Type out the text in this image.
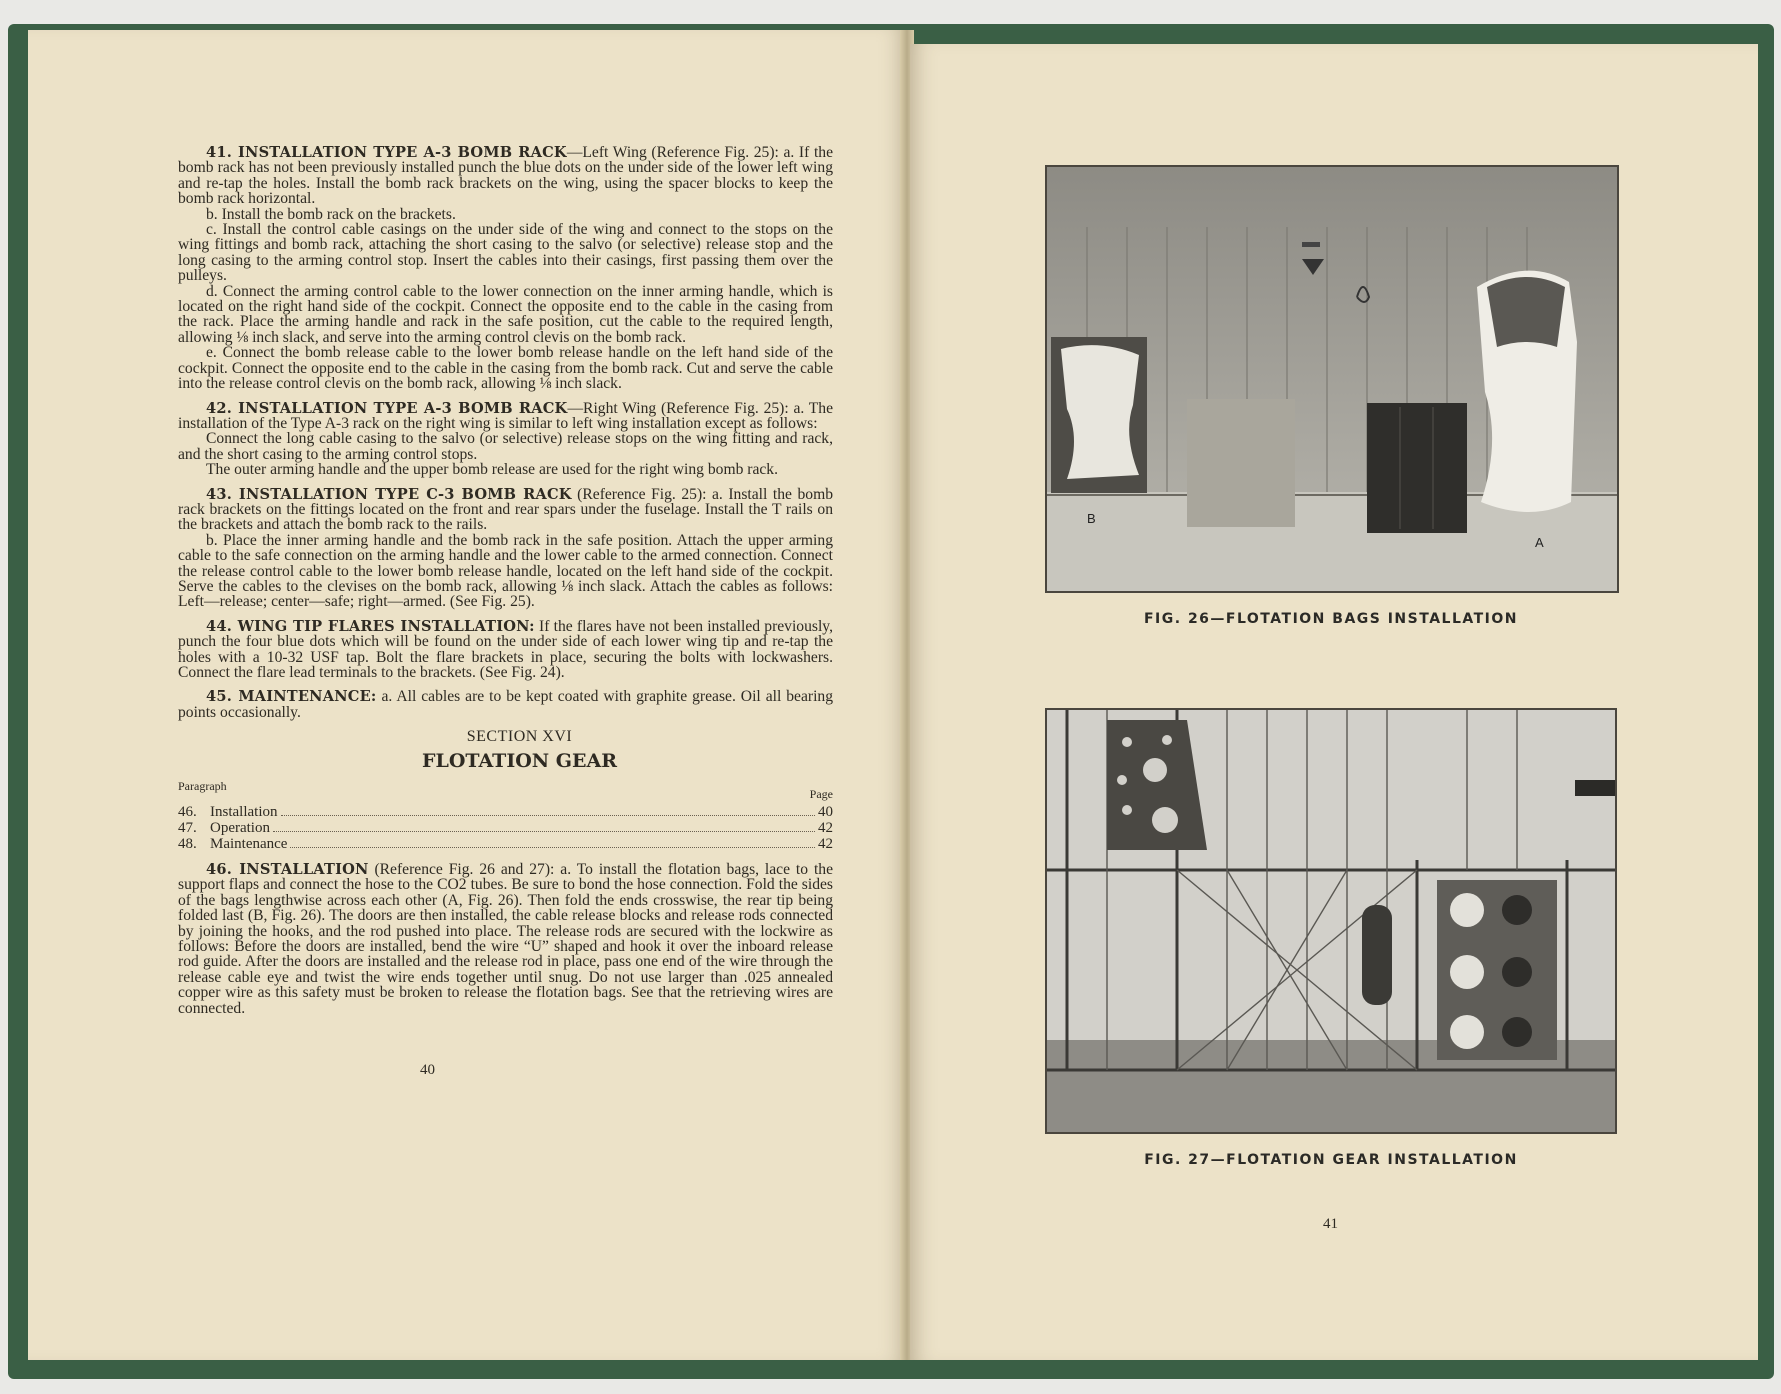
41. INSTALLATION TYPE A-3 BOMB RACK—Left Wing (Reference Fig. 25): a. If the bomb rack has not been previously installed punch the blue dots on the under side of the lower left wing and re-tap the holes. Install the bomb rack brackets on the wing, using the spacer blocks to keep the bomb rack horizontal.

b. Install the bomb rack on the brackets.

c. Install the control cable casings on the under side of the wing and connect to the stops on the wing fittings and bomb rack, attaching the short casing to the salvo (or selective) release stop and the long casing to the arming control stop. Insert the cables into their casings, first passing them over the pulleys.

d. Connect the arming control cable to the lower connection on the inner arming handle, which is located on the right hand side of the cockpit. Connect the opposite end to the cable in the casing from the rack. Place the arming handle and rack in the safe position, cut the cable to the required length, allowing ⅛ inch slack, and serve into the arming control clevis on the bomb rack.

e. Connect the bomb release cable to the lower bomb release handle on the left hand side of the cockpit. Connect the opposite end to the cable in the casing from the bomb rack. Cut and serve the cable into the release control clevis on the bomb rack, allowing ⅛ inch slack.

42. INSTALLATION TYPE A-3 BOMB RACK—Right Wing (Reference Fig. 25): a. The installation of the Type A-3 rack on the right wing is similar to left wing installation except as follows:

Connect the long cable casing to the salvo (or selective) release stops on the wing fitting and rack, and the short casing to the arming control stops.

The outer arming handle and the upper bomb release are used for the right wing bomb rack.

43. INSTALLATION TYPE C-3 BOMB RACK (Reference Fig. 25): a. Install the bomb rack brackets on the fittings located on the front and rear spars under the fuselage. Install the T rails on the brackets and attach the bomb rack to the rails.

b. Place the inner arming handle and the bomb rack in the safe position. Attach the upper arming cable to the safe connection on the arming handle and the lower cable to the armed connection. Connect the release control cable to the lower bomb release handle, located on the left hand side of the cockpit. Serve the cables to the clevises on the bomb rack, allowing ⅛ inch slack. Attach the cables as follows: Left—release; center—safe; right—armed. (See Fig. 25).

44. WING TIP FLARES INSTALLATION: If the flares have not been installed previously, punch the four blue dots which will be found on the under side of each lower wing tip and re-tap the holes with a 10-32 USF tap. Bolt the flare brackets in place, securing the bolts with lockwashers. Connect the flare lead terminals to the brackets. (See Fig. 24).

45. MAINTENANCE: a. All cables are to be kept coated with graphite grease. Oil all bearing points occasionally.

SECTION XVI

FLOTATION GEAR

Paragraph
Page
46. Installation	40
47. Operation	42
48. Maintenance	42

46. INSTALLATION (Reference Fig. 26 and 27): a. To install the flotation bags, lace to the support flaps and connect the hose to the CO2 tubes. Be sure to bond the hose connection. Fold the sides of the bags lengthwise across each other (A, Fig. 26). Then fold the ends crosswise, the rear tip being folded last (B, Fig. 26). The doors are then installed, the cable release blocks and release rods connected by joining the hooks, and the rod pushed into place. The release rods are secured with the lockwire as follows: Before the doors are installed, bend the wire “U” shaped and hook it over the inboard release rod guide. After the doors are installed and the release rod in place, pass one end of the wire through the release cable eye and twist the wire ends together until snug. Do not use larger than .025 annealed copper wire as this safety must be broken to release the flotation bags. See that the retrieving wires are connected.

40
B
A
FIG. 26—FLOTATION BAGS INSTALLATION
FIG. 27—FLOTATION GEAR INSTALLATION
41
